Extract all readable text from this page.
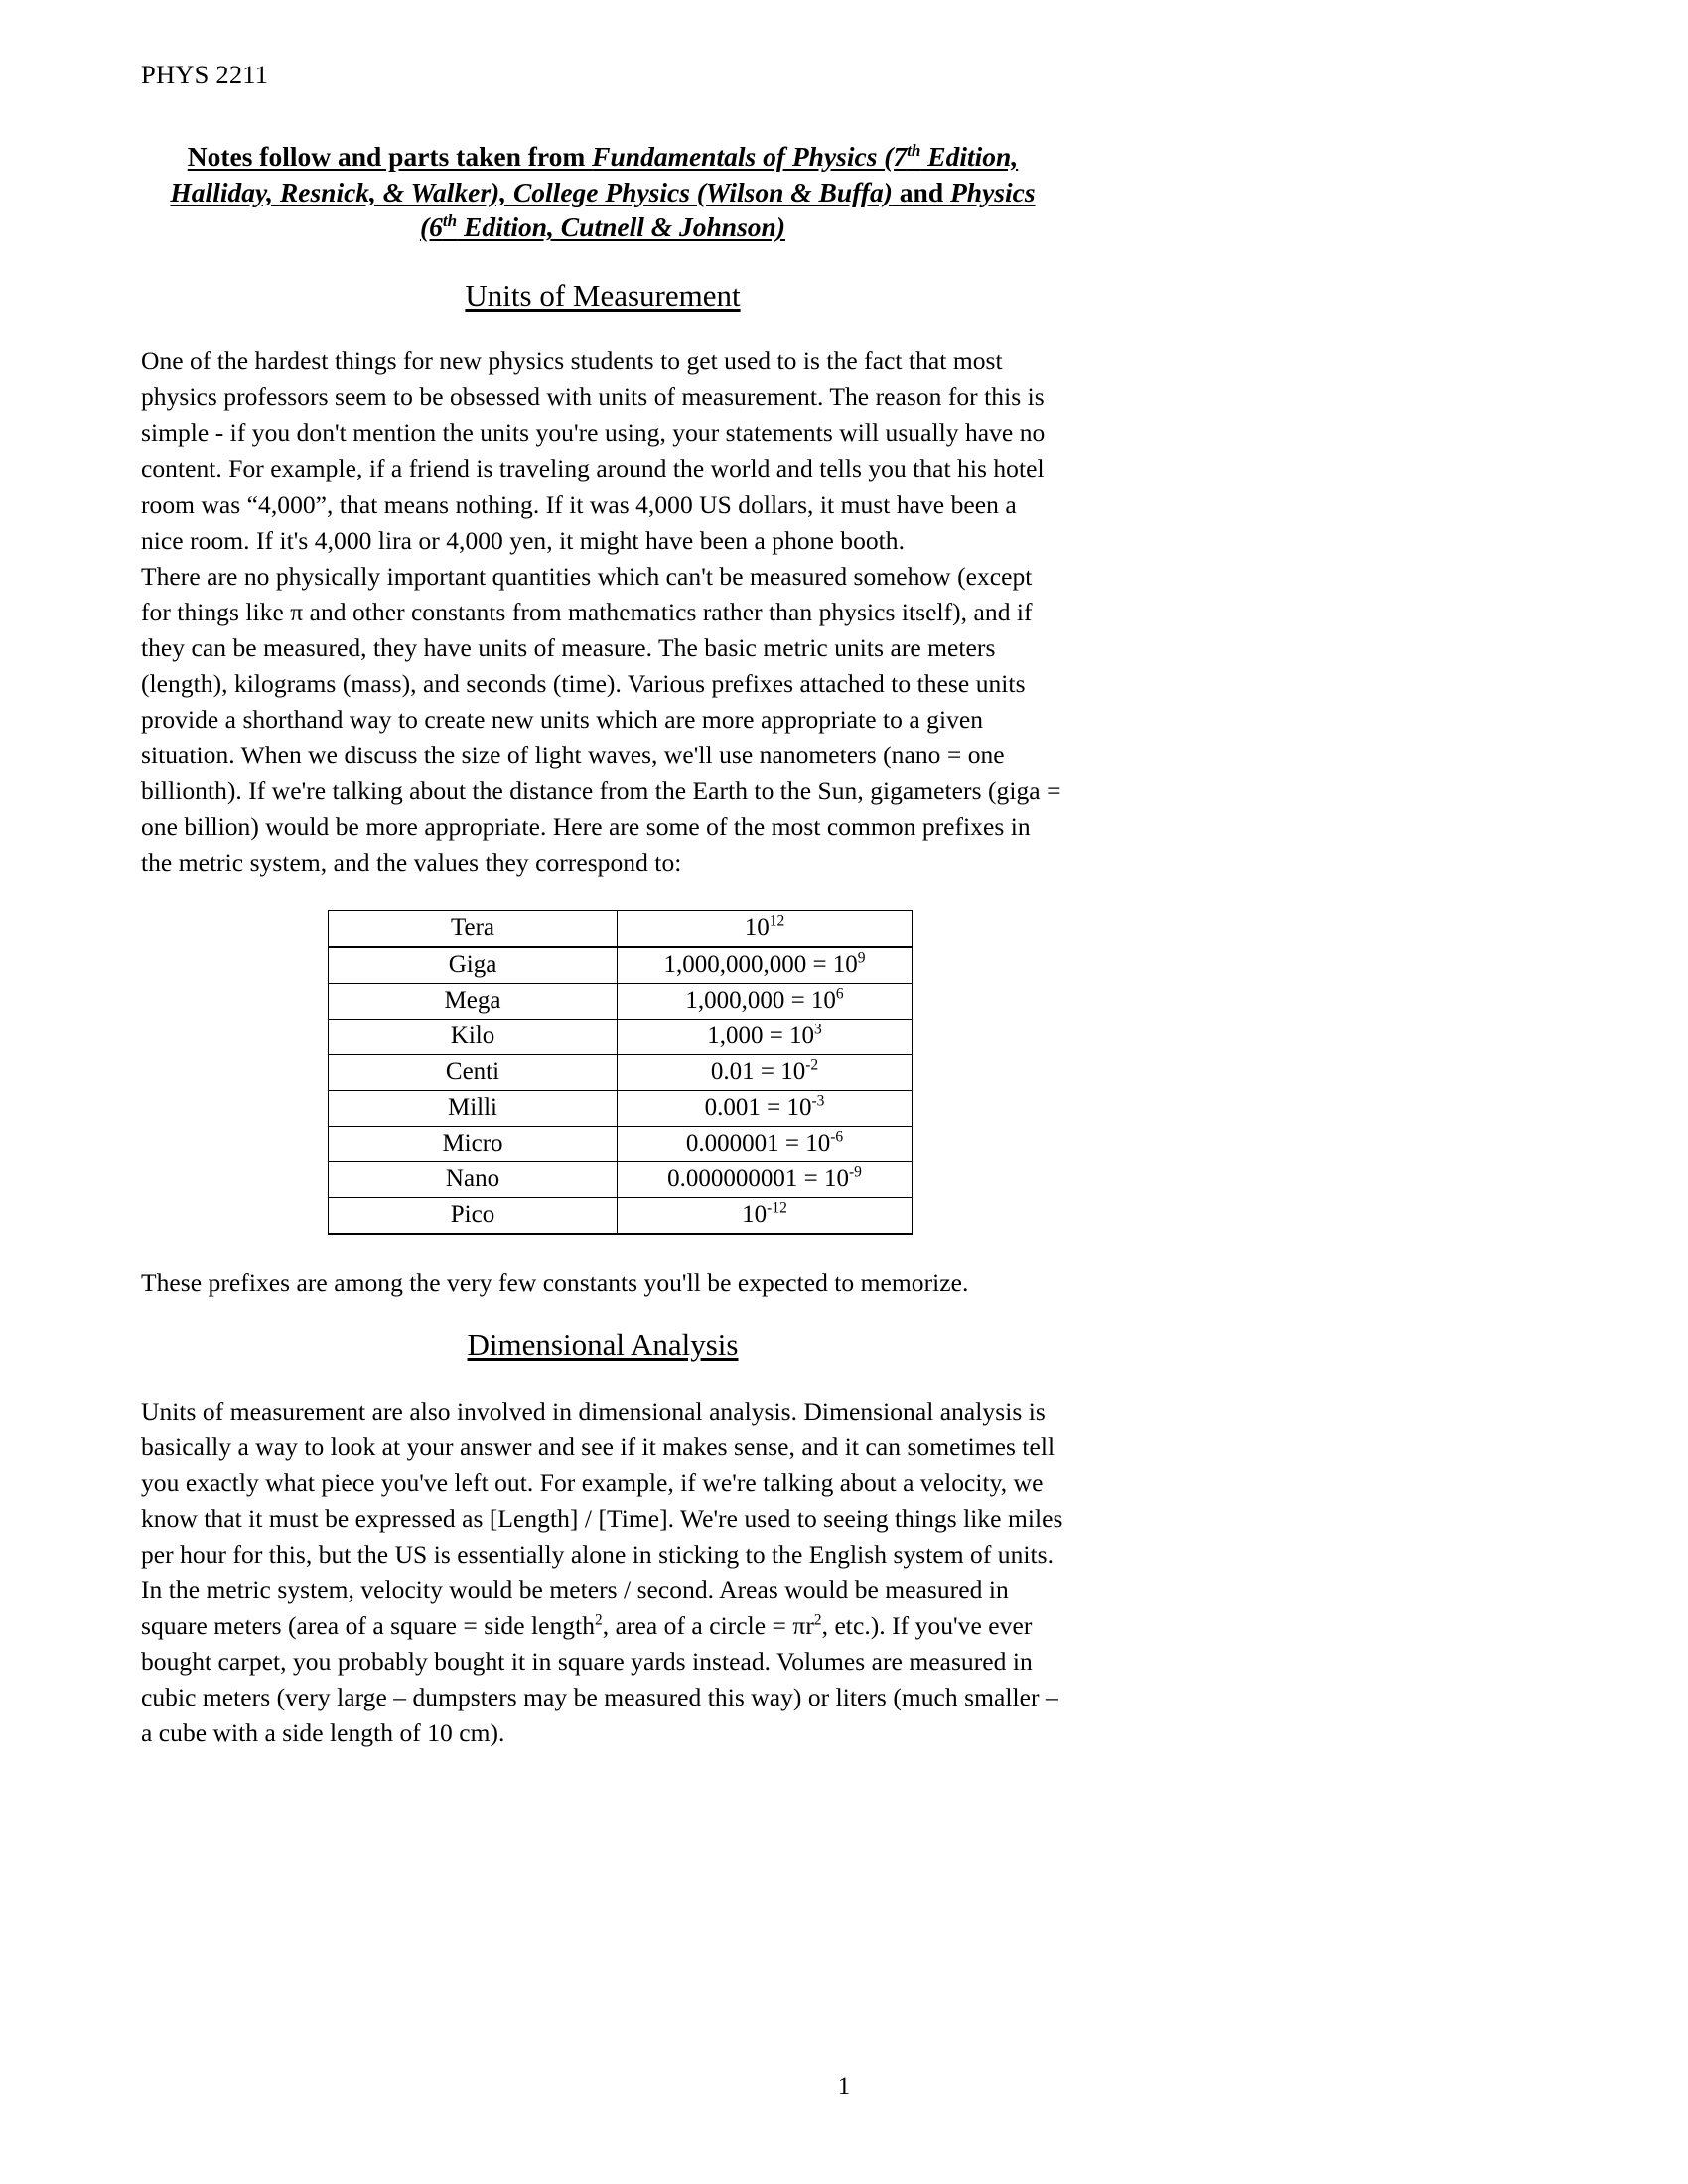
PHYS 2211
Notes follow and parts taken from Fundamentals of Physics (7th Edition,
Halliday, Resnick, & Walker), College Physics (Wilson & Buffa) and Physics
(6th Edition, Cutnell & Johnson)
Units of Measurement

One of the hardest things for new physics students to get used to is the fact that most physics professors seem to be obsessed with units of measurement. The reason for this is simple - if you don't mention the units you're using, your statements will usually have no content. For example, if a friend is traveling around the world and tells you that his hotel room was “4,000”, that means nothing. If it was 4,000 US dollars, it must have been a nice room. If it's 4,000 lira or 4,000 yen, it might have been a phone booth.

There are no physically important quantities which can't be measured somehow (except for things like π and other constants from mathematics rather than physics itself), and if they can be measured, they have units of measure. The basic metric units are meters (length), kilograms (mass), and seconds (time). Various prefixes attached to these units provide a shorthand way to create new units which are more appropriate to a given situation. When we discuss the size of light waves, we'll use nanometers (nano = one billionth). If we're talking about the distance from the Earth to the Sun, gigameters (giga = one billion) would be more appropriate. Here are some of the most common prefixes in the metric system, and the values they correspond to:

Tera	$10^{12}$
Giga	$1,000,000,000 = 10^9$
Mega	$1,000,000 = 10^6$
Kilo	$1,000 = 10^3$
Centi	$0.01 = 10^{-2}$
Milli	$0.001 = 10^{-3}$
Micro	$0.000001 = 10^{-6}$
Nano	$0.000000001 = 10^{-9}$
Pico	$10^{-12}$

These prefixes are among the very few constants you'll be expected to memorize.

Dimensional Analysis

Units of measurement are also involved in dimensional analysis. Dimensional analysis is basically a way to look at your answer and see if it makes sense, and it can sometimes tell you exactly what piece you've left out. For example, if we're talking about a velocity, we know that it must be expressed as [Length] / [Time]. We're used to seeing things like miles per hour for this, but the US is essentially alone in sticking to the English system of units. In the metric system, velocity would be meters / second. Areas would be measured in square meters (area of a square = side length$^2$, area of a circle = $\pi r^2$, etc.). If you've ever bought carpet, you probably bought it in square yards instead. Volumes are measured in cubic meters (very large – dumpsters may be measured this way) or liters (much smaller – a cube with a side length of 10 cm).

1
